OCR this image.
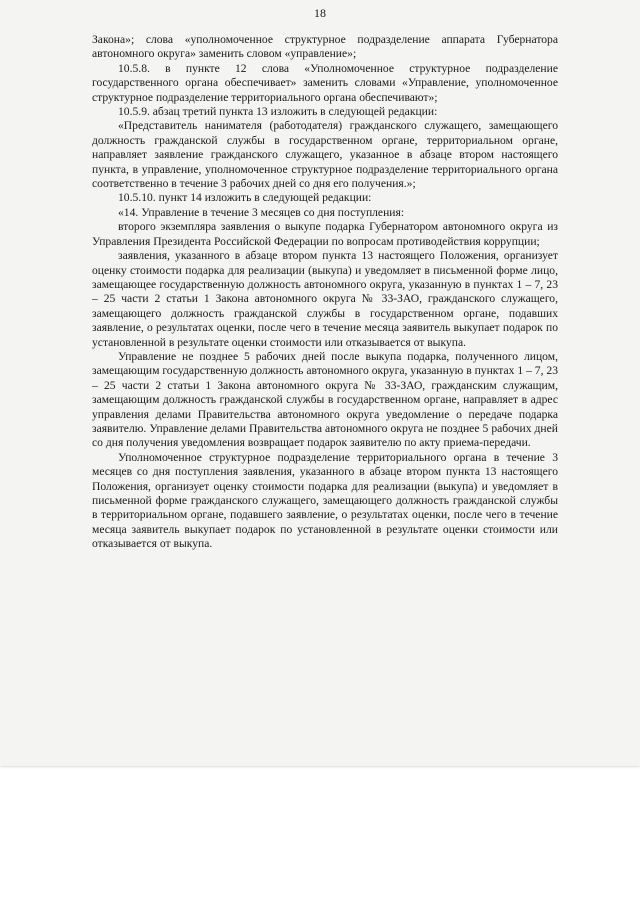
18

Закона»; слова «уполномоченное структурное подразделение аппарата Губернатора автономного округа» заменить словом «управление»;

10.5.8. в пункте 12 слова «Уполномоченное структурное подразделение государственного органа обеспечивает» заменить словами «Управление, уполномоченное структурное подразделение территориального органа обеспечивают»;

10.5.9. абзац третий пункта 13 изложить в следующей редакции:

«Представитель нанимателя (работодателя) гражданского служащего, замещающего должность гражданской службы в государственном органе, территориальном органе, направляет заявление гражданского служащего, указанное в абзаце втором настоящего пункта, в управление, уполномоченное структурное подразделение территориального органа соответственно в течение 3 рабочих дней со дня его получения.»;

10.5.10. пункт 14 изложить в следующей редакции:

«14. Управление в течение 3 месяцев со дня поступления:

второго экземпляра заявления о выкупе подарка Губернатором автономного округа из Управления Президента Российской Федерации по вопросам противодействия коррупции;

заявления, указанного в абзаце втором пункта 13 настоящего Положения, организует оценку стоимости подарка для реализации (выкупа) и уведомляет в письменной форме лицо, замещающее государственную должность автономного округа, указанную в пунктах 1 – 7, 23 – 25 части 2 статьи 1 Закона автономного округа № 33-ЗАО, гражданского служащего, замещающего должность гражданской службы в государственном органе, подавших заявление, о результатах оценки, после чего в течение месяца заявитель выкупает подарок по установленной в результате оценки стоимости или отказывается от выкупа.

Управление не позднее 5 рабочих дней после выкупа подарка, полученного лицом, замещающим государственную должность автономного округа, указанную в пунктах 1 – 7, 23 – 25 части 2 статьи 1 Закона автономного округа № 33-ЗАО, гражданским служащим, замещающим должность гражданской службы в государственном органе, направляет в адрес управления делами Правительства автономного округа уведомление о передаче подарка заявителю. Управление делами Правительства автономного округа не позднее 5 рабочих дней со дня получения уведомления возвращает подарок заявителю по акту приема-передачи.

Уполномоченное структурное подразделение территориального органа в течение 3 месяцев со дня поступления заявления, указанного в абзаце втором пункта 13 настоящего Положения, организует оценку стоимости подарка для реализации (выкупа) и уведомляет в письменной форме гражданского служащего, замещающего должность гражданской службы в территориальном органе, подавшего заявление, о результатах оценки, после чего в течение месяца заявитель выкупает подарок по установленной в результате оценки стоимости или отказывается от выкупа.
